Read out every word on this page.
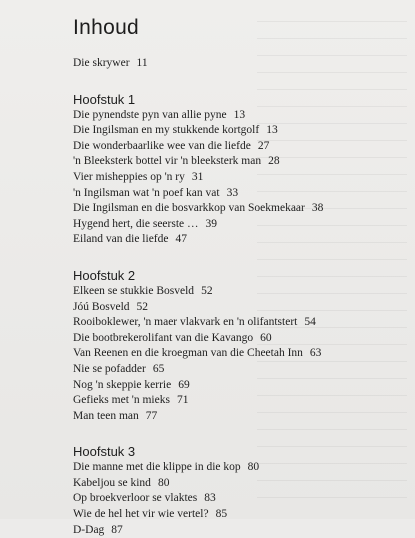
Inhoud
Die skrywer 11
Hoofstuk 1
Die pynendste pyn van allie pyne 13
Die Ingilsman en my stukkende kortgolf 13
Die wonderbaarlike wee van die liefde 27
'n Bleeksterk bottel vir 'n bleeksterk man 28
Vier misheppies op 'n ry 31
'n Ingilsman wat 'n poef kan vat 33
Die Ingilsman en die bosvarkkop van Soekmekaar 38
Hygend hert, die seerste … 39
Eiland van die liefde 47
Hoofstuk 2
Elkeen se stukkie Bosveld 52
Jóú Bosveld 52
Rooiboklewer, 'n maer vlakvark en 'n olifantstert 54
Die bootbrekerolifant van die Kavango 60
Van Reenen en die kroegman van die Cheetah Inn 63
Nie se pofadder 65
Nog 'n skeppie kerrie 69
Gefieks met 'n mieks 71
Man teen man 77
Hoofstuk 3
Die manne met die klippe in die kop 80
Kabeljou se kind 80
Op broekverloor se vlaktes 83
Wie de hel het vir wie vertel? 85
D-Dag 87
